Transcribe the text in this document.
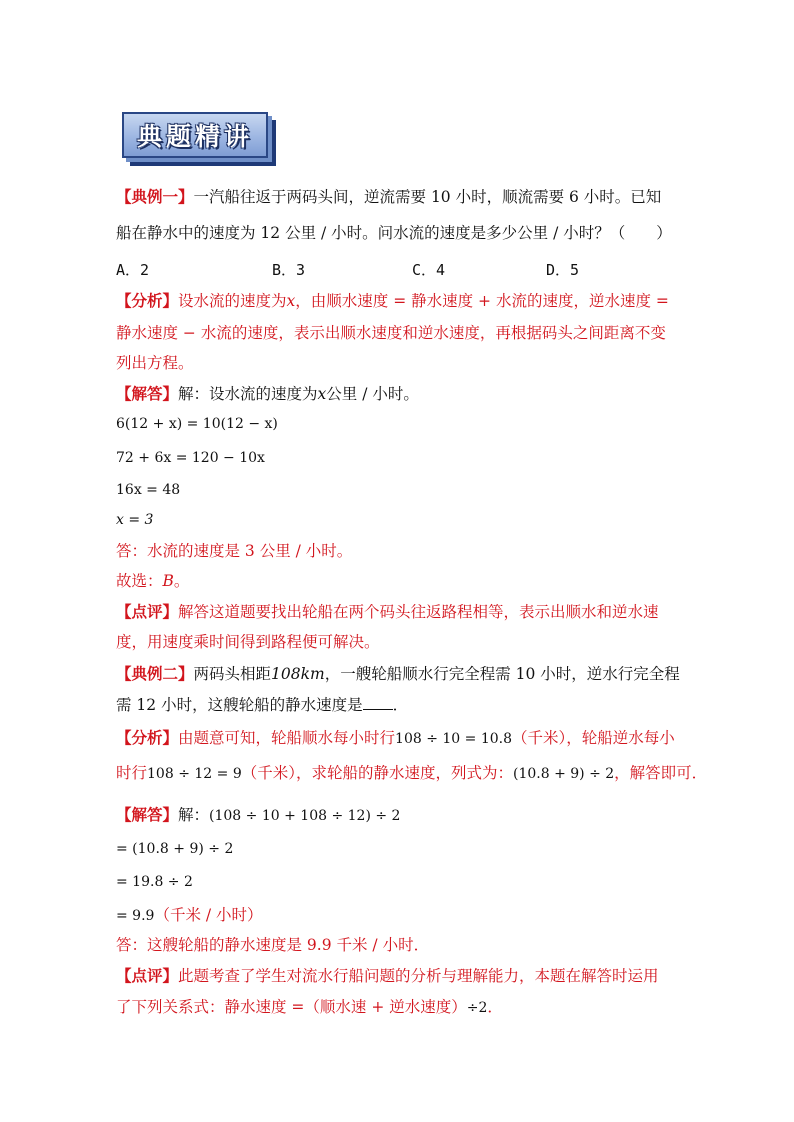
典题精讲
【典例一】一汽船往返于两码头间，逆流需要 10 小时，顺流需要 6 小时。已知
船在静水中的速度为 12 公里 / 小时。问水流的速度是多少公里 / 小时？（　　）
A．2	B．3	C．4	D．5
【分析】设水流的速度为x，由顺水速度 = 静水速度 + 水流的速度，逆水速度 =
静水速度 − 水流的速度，表示出顺水速度和逆水速度，再根据码头之间距离不变
列出方程。
【解答】解：设水流的速度为x公里 / 小时。
6(12 + x) = 10(12 − x)
72 + 6x = 120 − 10x
16x = 48
x = 3
答：水流的速度是 3 公里 / 小时。
故选：B。
【点评】解答这道题要找出轮船在两个码头往返路程相等，表示出顺水和逆水速
度，用速度乘时间得到路程便可解决。
【典例二】两码头相距108km，一艘轮船顺水行完全程需 10 小时，逆水行完全程
需 12 小时，这艘轮船的静水速度是 ．
【分析】由题意可知，轮船顺水每小时行108 ÷ 10 = 10.8（千米），轮船逆水每小
时行108 ÷ 12 = 9（千米），求轮船的静水速度，列式为：(10.8 + 9) ÷ 2，解答即可．
【解答】解：(108 ÷ 10 + 108 ÷ 12) ÷ 2
= (10.8 + 9) ÷ 2
= 19.8 ÷ 2
= 9.9（千米 / 小时）
答：这艘轮船的静水速度是 9.9 千米 / 小时．
【点评】此题考查了学生对流水行船问题的分析与理解能力，本题在解答时运用
了下列关系式：静水速度 =（顺水速 + 逆水速度）÷2．
